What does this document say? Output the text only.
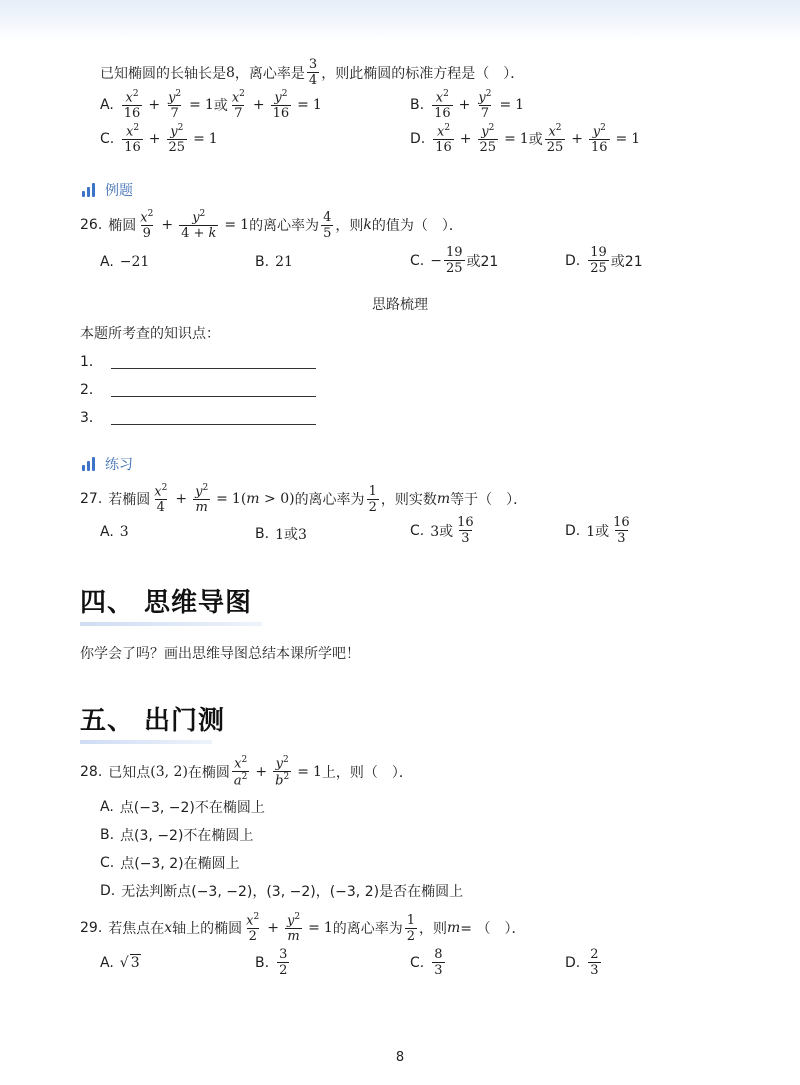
已知椭圆的长轴长是 8 ，离心率是 $\frac{3}{4}$ ，则此椭圆的标准方程是（　）．
A. $\frac{x^2}{16} + \frac{y^2}{7} = 1$ 或 $\frac{x^2}{7} + \frac{y^2}{16} = 1$	B. $\frac{x^2}{16} + \frac{y^2}{7} = 1$
C. $\frac{x^2}{16} + \frac{y^2}{25} = 1$	D. $\frac{x^2}{16} + \frac{y^2}{25} = 1$ 或 $\frac{x^2}{25} + \frac{y^2}{16} = 1$
例题
26. 椭圆 $\frac{x^2}{9} + \frac{y^2}{4 + k} = 1$ 的离心率为 $\frac{4}{5}$ ，则 k 的值为（　）．
A. −21	B. 21	C. − $\frac{19}{25}$ 或21	D. $\frac{19}{25}$ 或21
思路梳理
本题所考查的知识点：
1．
2．
3．
练习
27. 若椭圆 $\frac{x^2}{4} + \frac{y^2}{m} = 1(m > 0)$ 的离心率为 $\frac{1}{2}$ ，则实数 m 等于（　）．
A. 3	B. 1或3	C. 3或 $\frac{16}{3}$	D. 1或 $\frac{16}{3}$
四、 思维导图
你学会了吗？画出思维导图总结本课所学吧！
五、 出门测
28. 已知点 (3, 2) 在椭圆 $\frac{x^2}{a^2} + \frac{y^2}{b^2} = 1$ 上，则（　）．
A. 点(−3, −2)不在椭圆上
B. 点(3, −2)不在椭圆上
C. 点(−3, 2)在椭圆上
D. 无法判断点(−3, −2)，(3, −2)，(−3, 2)是否在椭圆上
29. 若焦点在 x 轴上的椭圆 $\frac{x^2}{2} + \frac{y^2}{m} = 1$ 的离心率为 $\frac{1}{2}$ ，则 m = （　）．
A. √ 3	B. $\frac{3}{2}$	C. $\frac{8}{3}$	D. $\frac{2}{3}$
8
